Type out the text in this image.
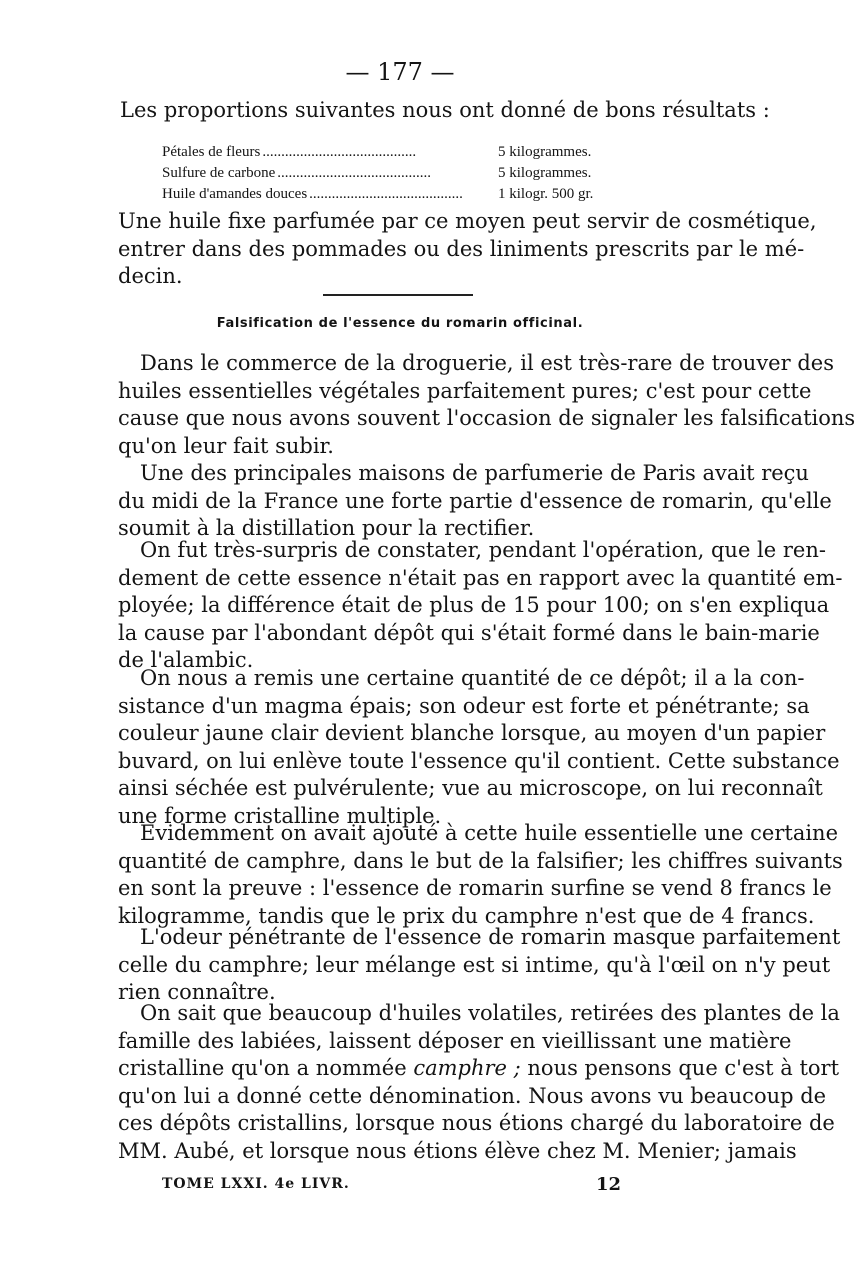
— 177 —
Les proportions suivantes nous ont donné de bons résultats :
Pétales de fleurs .........................................	5 kilogrammes.
Sulfure de carbone .........................................	5 kilogrammes.
Huile d'amandes douces .........................................	1 kilogr. 500 gr.
Une huile fixe parfumée par ce moyen peut servir de cosmétique,
entrer dans des pommades ou des liniments prescrits par le mé-
decin.
Falsification de l'essence du romarin officinal.
Dans le commerce de la droguerie, il est très-rare de trouver des
huiles essentielles végétales parfaitement pures; c'est pour cette
cause que nous avons souvent l'occasion de signaler les falsifications
qu'on leur fait subir.
Une des principales maisons de parfumerie de Paris avait reçu
du midi de la France une forte partie d'essence de romarin, qu'elle
soumit à la distillation pour la rectifier.
On fut très-surpris de constater, pendant l'opération, que le ren-
dement de cette essence n'était pas en rapport avec la quantité em-
ployée; la différence était de plus de 15 pour 100; on s'en expliqua
la cause par l'abondant dépôt qui s'était formé dans le bain-marie
de l'alambic.
On nous a remis une certaine quantité de ce dépôt; il a la con-
sistance d'un magma épais; son odeur est forte et pénétrante; sa
couleur jaune clair devient blanche lorsque, au moyen d'un papier
buvard, on lui enlève toute l'essence qu'il contient. Cette substance
ainsi séchée est pulvérulente; vue au microscope, on lui reconnaît
une forme cristalline multiple.
Evidemment on avait ajouté à cette huile essentielle une certaine
quantité de camphre, dans le but de la falsifier; les chiffres suivants
en sont la preuve : l'essence de romarin surfine se vend 8 francs le
kilogramme, tandis que le prix du camphre n'est que de 4 francs.
L'odeur pénétrante de l'essence de romarin masque parfaitement
celle du camphre; leur mélange est si intime, qu'à l'œil on n'y peut
rien connaître.
On sait que beaucoup d'huiles volatiles, retirées des plantes de la
famille des labiées, laissent déposer en vieillissant une matière
cristalline qu'on a nommée camphre ; nous pensons que c'est à tort
qu'on lui a donné cette dénomination. Nous avons vu beaucoup de
ces dépôts cristallins, lorsque nous étions chargé du laboratoire de
MM. Aubé, et lorsque nous étions élève chez M. Menier; jamais
TOME LXXI. 4e LIVR.	12
